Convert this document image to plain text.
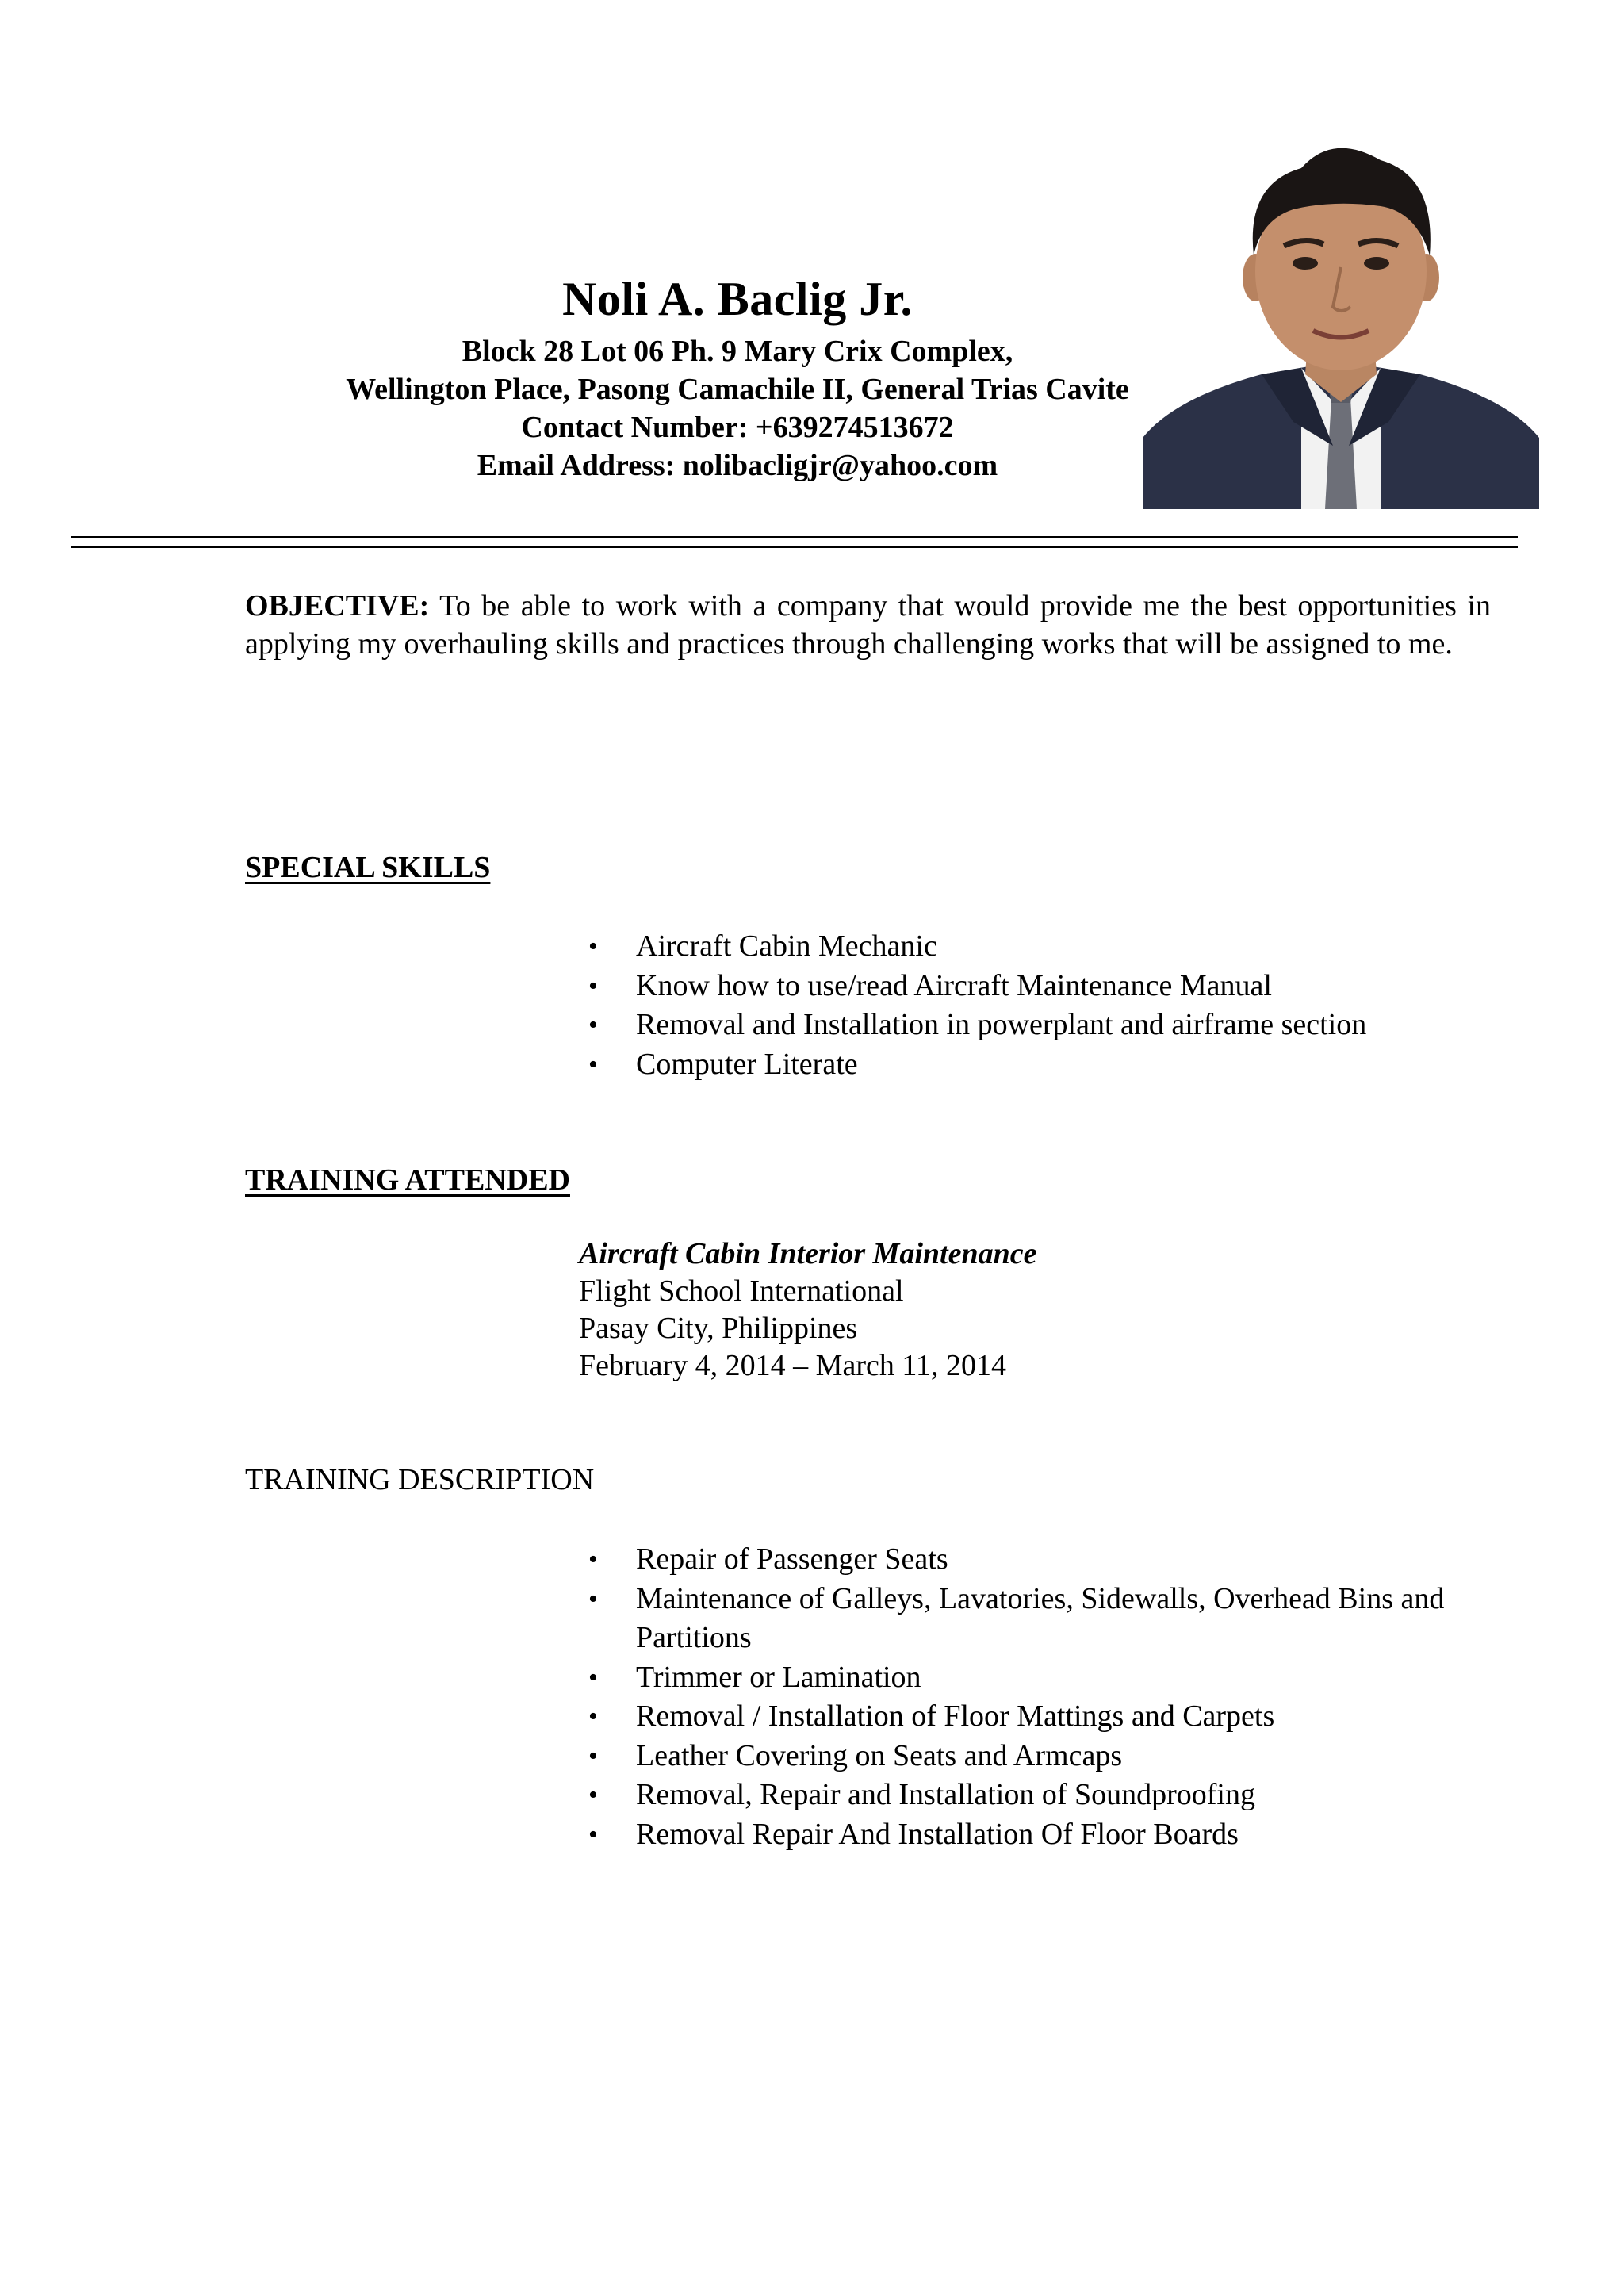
Noli A. Baclig Jr.
Block 28 Lot 06 Ph. 9 Mary Crix Complex,
Wellington Place, Pasong Camachile II, General Trias Cavite
Contact Number: +639274513672
Email Address: nolibacligjr@yahoo.com
OBJECTIVE: To be able to work with a company that would provide me the best opportunities in applying my overhauling skills and practices through challenging works that will be assigned to me.
SPECIAL SKILLS
• Aircraft Cabin Mechanic
• Know how to use/read Aircraft Maintenance Manual
• Removal and Installation in powerplant and airframe section
• Computer Literate
TRAINING ATTENDED
Aircraft Cabin Interior Maintenance
Flight School International
Pasay City, Philippines
February 4, 2014 – March 11, 2014
TRAINING DESCRIPTION
• Repair of Passenger Seats
• Maintenance of Galleys, Lavatories, Sidewalls, Overhead Bins and Partitions
• Trimmer or Lamination
• Removal / Installation of Floor Mattings and Carpets
• Leather Covering on Seats and Armcaps
• Removal, Repair and Installation of Soundproofing
• Removal Repair And Installation Of Floor Boards
